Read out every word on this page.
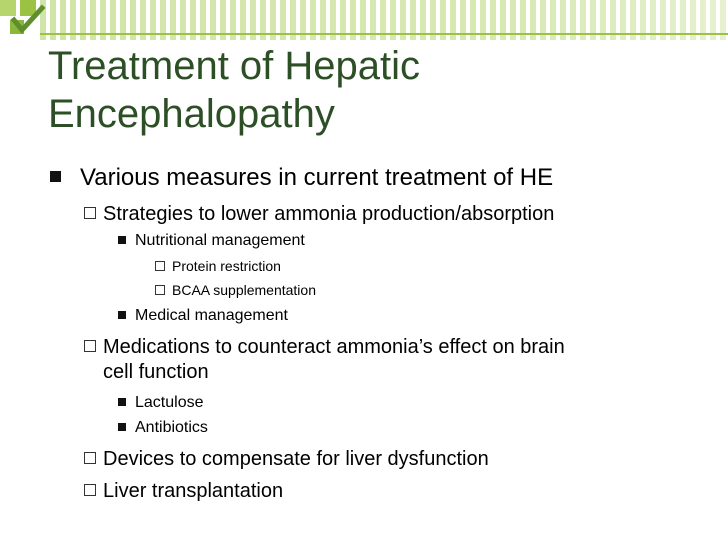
Treatment of Hepatic
Encephalopathy
Various measures in current treatment of HE
Strategies to lower ammonia production/absorption
Nutritional management
Protein restriction
BCAA supplementation
Medical management
Medications to counteract ammonia’s effect on brain
cell function
Lactulose
Antibiotics
Devices to compensate for liver dysfunction
Liver transplantation
